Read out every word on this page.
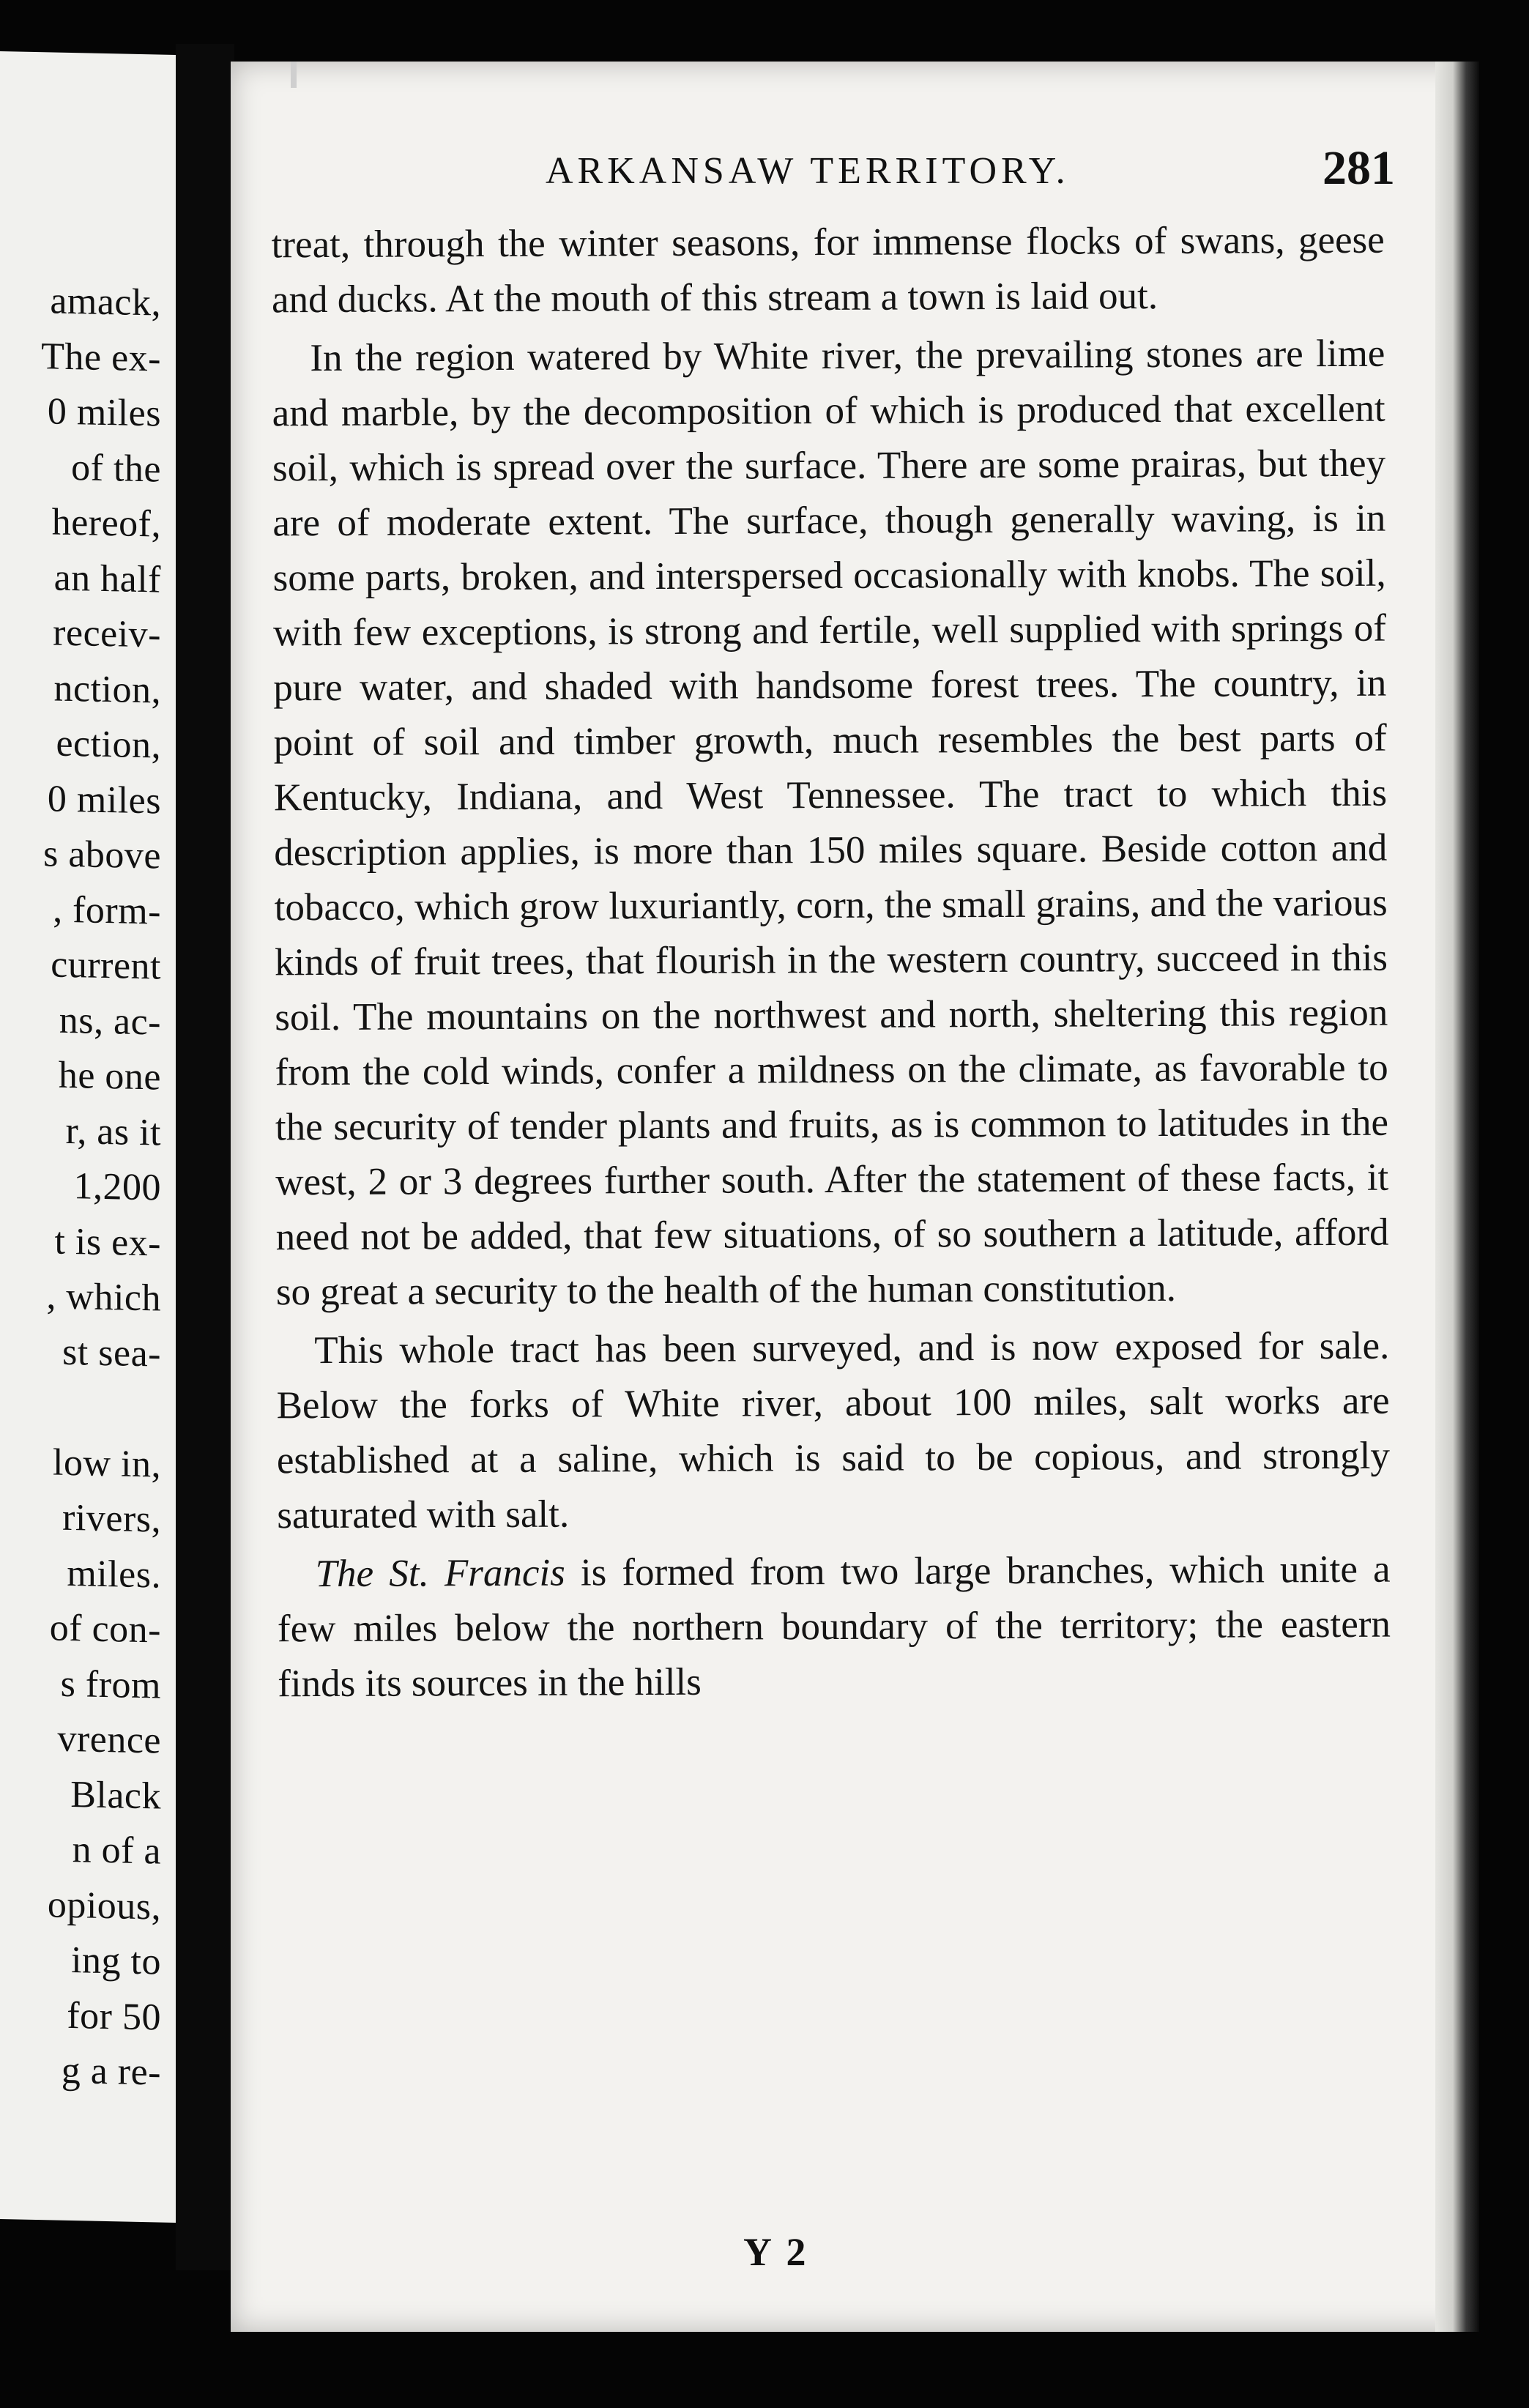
amack,
The ex-
0 miles
of the
hereof,
an half
receiv-
nction,
ection,
0 miles
s above
, form-
current
ns, ac-
he one
r, as it
1,200
t is ex-
, which
st sea-
low in,
rivers,
miles.
of con-
s from
vrence
Black
n of a
opious,
ing to
for 50
g a re-
ARKANSAW TERRITORY.	281

treat, through the winter seasons, for immense flocks of swans, geese and ducks. At the mouth of this stream a town is laid out.

In the region watered by White river, the prevailing stones are lime and marble, by the decomposition of which is produced that excellent soil, which is spread over the surface. There are some prairas, but they are of moderate extent. The surface, though generally waving, is in some parts, broken, and interspersed occasionally with knobs. The soil, with few exceptions, is strong and fertile, well supplied with springs of pure water, and shaded with handsome forest trees. The country, in point of soil and timber growth, much resembles the best parts of Kentucky, Indiana, and West Tennessee. The tract to which this description applies, is more than 150 miles square. Beside cotton and tobacco, which grow luxuriantly, corn, the small grains, and the various kinds of fruit trees, that flourish in the western country, succeed in this soil. The mountains on the northwest and north, sheltering this region from the cold winds, confer a mildness on the climate, as favorable to the security of tender plants and fruits, as is common to latitudes in the west, 2 or 3 degrees further south. After the statement of these facts, it need not be added, that few situations, of so southern a latitude, afford so great a security to the health of the human constitution.

This whole tract has been surveyed, and is now exposed for sale. Below the forks of White river, about 100 miles, salt works are established at a saline, which is said to be copious, and strongly saturated with salt.

The St. Francis is formed from two large branches, which unite a few miles below the northern boundary of the territory; the eastern finds its sources in the hills

Y 2
